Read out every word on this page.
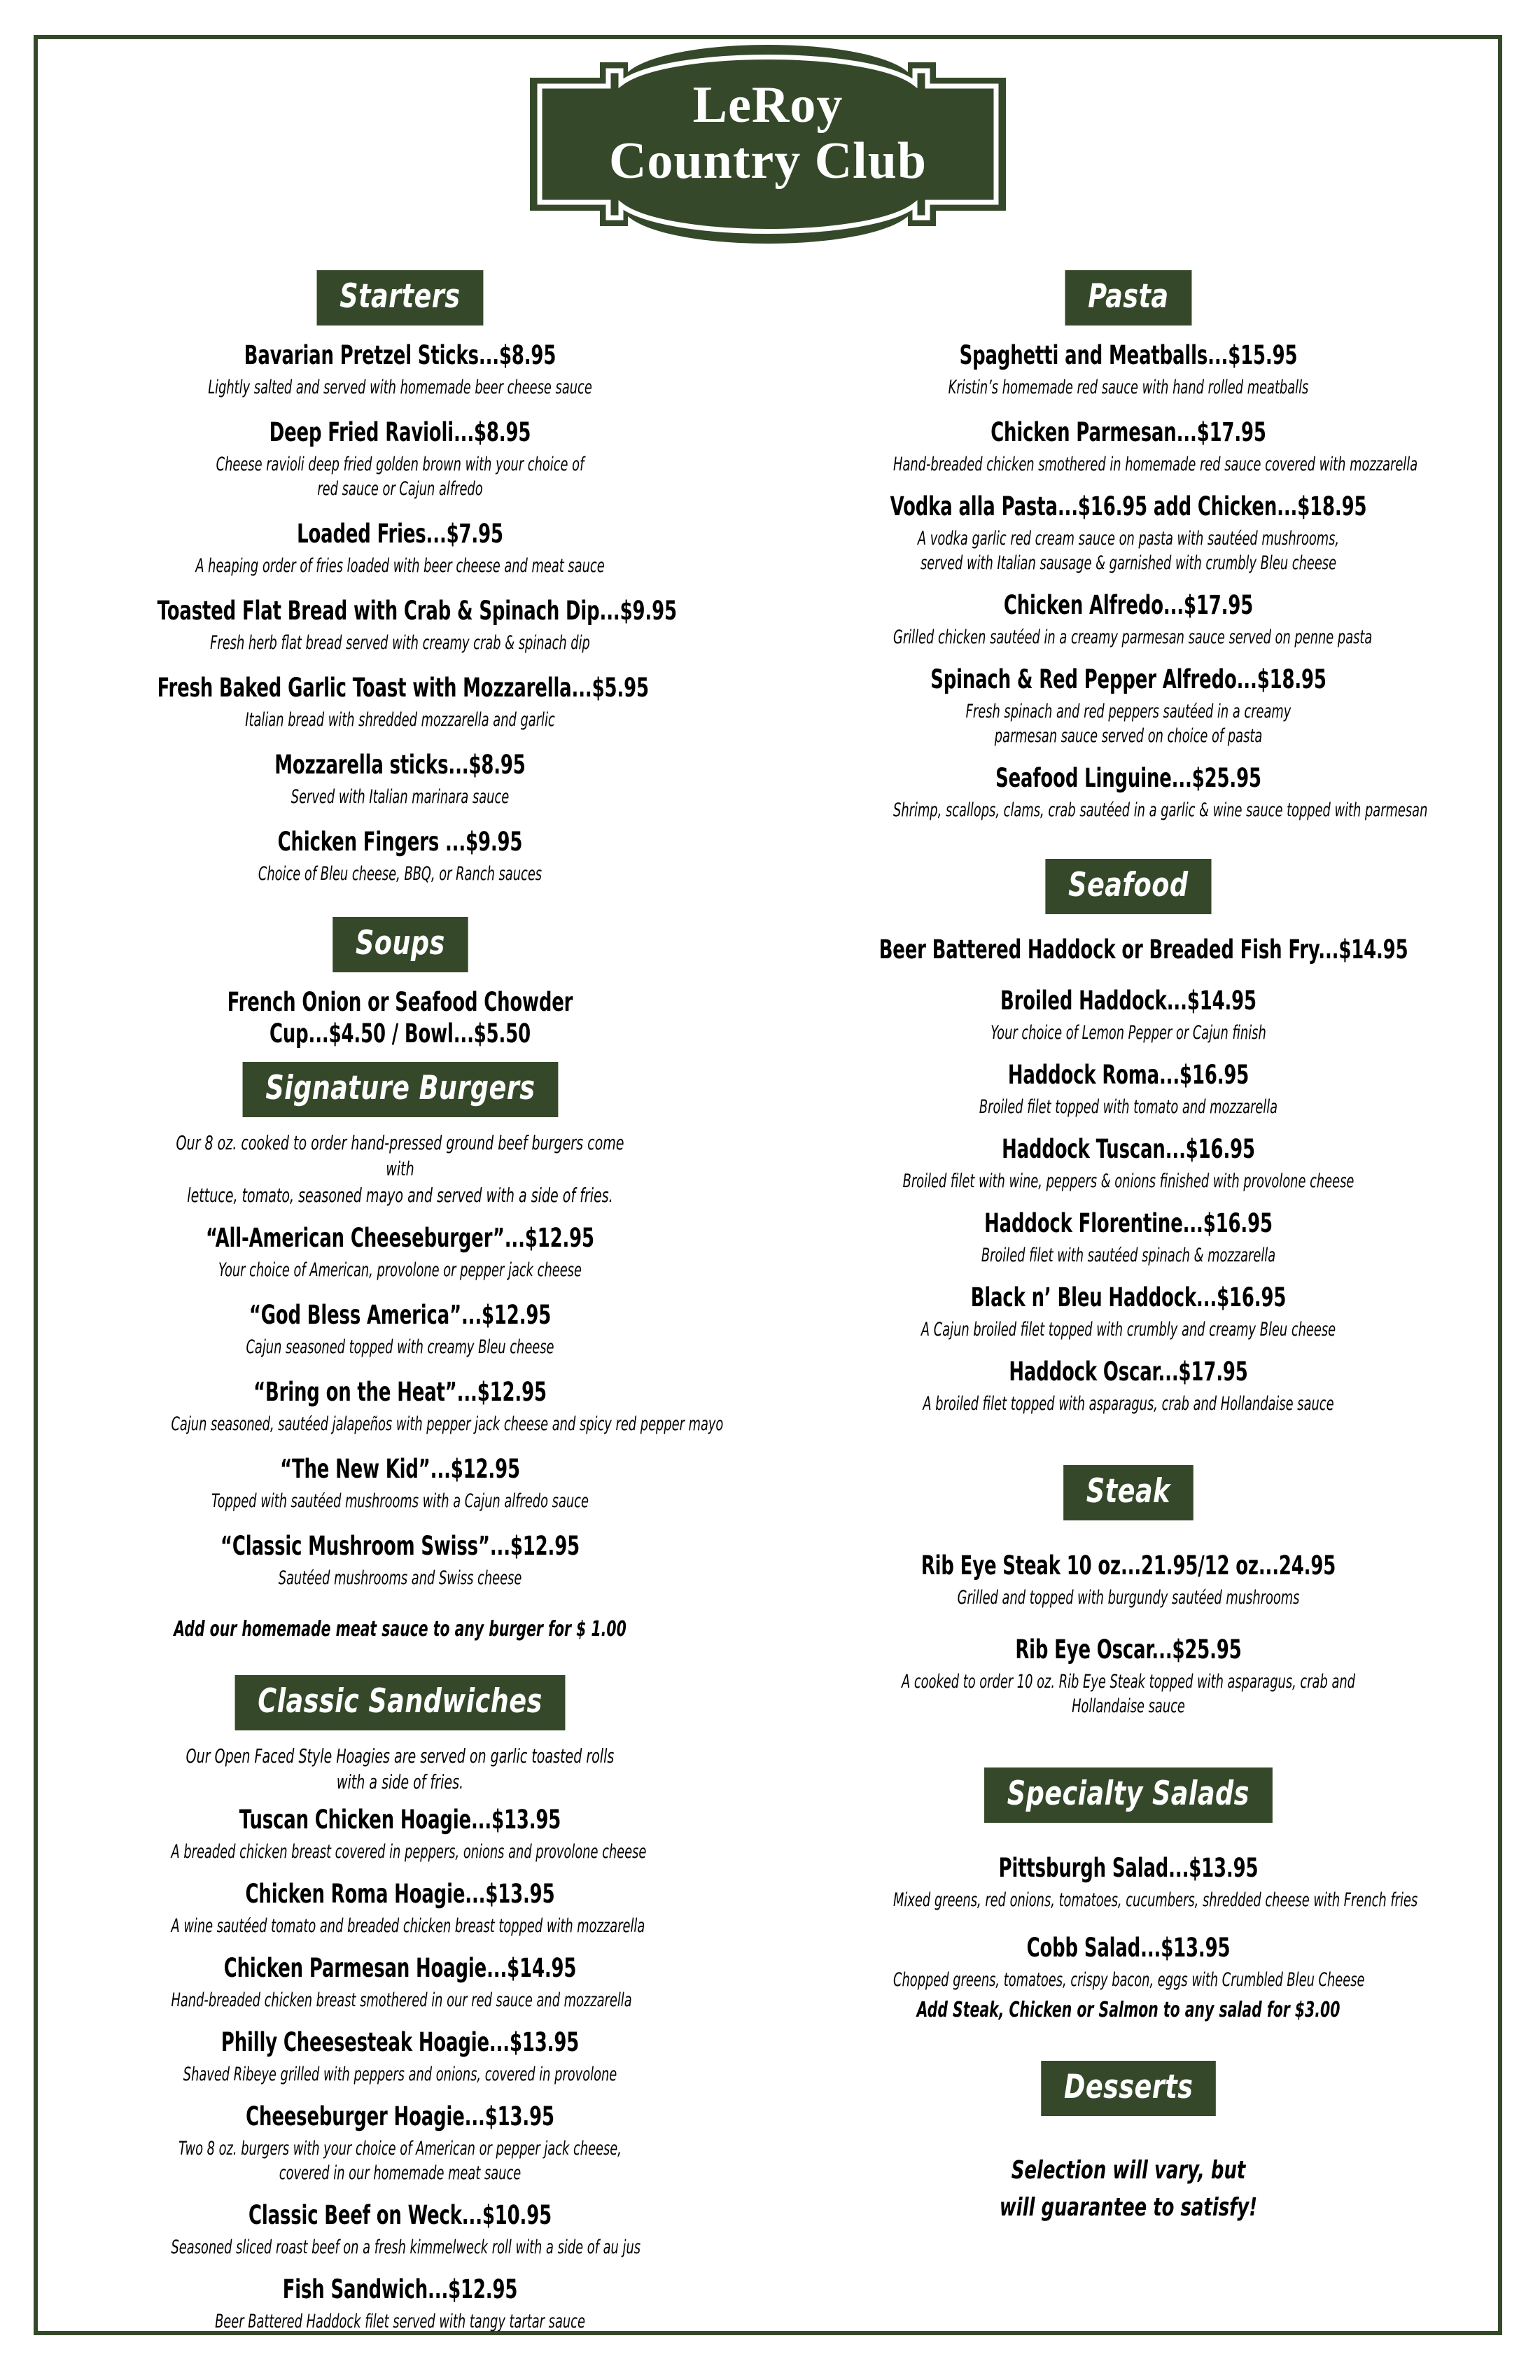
LeRoy
Country Club
Starters
Bavarian Pretzel Sticks...$8.95
Lightly salted and served with homemade beer cheese sauce
Deep Fried Ravioli...$8.95
Cheese ravioli deep fried golden brown with your choice of
red sauce or Cajun alfredo
Loaded Fries...$7.95
A heaping order of fries loaded with beer cheese and meat sauce
Toasted Flat Bread with Crab & Spinach Dip...$9.95
Fresh herb flat bread served with creamy crab & spinach dip
Fresh Baked Garlic Toast with Mozzarella...$5.95
Italian bread with shredded mozzarella and garlic
Mozzarella sticks...$8.95
Served with Italian marinara sauce
Chicken Fingers ...$9.95
Choice of Bleu cheese, BBQ, or Ranch sauces
Soups
French Onion or Seafood Chowder
Cup...$4.50 / Bowl...$5.50
Signature Burgers
Our 8 oz. cooked to order hand-pressed ground beef burgers come with
lettuce, tomato, seasoned mayo and served with a side of fries.
“All-American Cheeseburger”...$12.95
Your choice of American, provolone or pepper jack cheese
“God Bless America”...$12.95
Cajun seasoned topped with creamy Bleu cheese
“Bring on the Heat”...$12.95
Cajun seasoned, sautéed jalapeños with pepper jack cheese and spicy red pepper mayo
“The New Kid”...$12.95
Topped with sautéed mushrooms with a Cajun alfredo sauce
“Classic Mushroom Swiss”...$12.95
Sautéed mushrooms and Swiss cheese
Add our homemade meat sauce to any burger for $ 1.00
Classic Sandwiches
Our Open Faced Style Hoagies are served on garlic toasted rolls
with a side of fries.
Tuscan Chicken Hoagie...$13.95
A breaded chicken breast covered in peppers, onions and provolone cheese
Chicken Roma Hoagie...$13.95
A wine sautéed tomato and breaded chicken breast topped with mozzarella
Chicken Parmesan Hoagie...$14.95
Hand-breaded chicken breast smothered in our red sauce and mozzarella
Philly Cheesesteak Hoagie...$13.95
Shaved Ribeye grilled with peppers and onions, covered in provolone
Cheeseburger Hoagie...$13.95
Two 8 oz. burgers with your choice of American or pepper jack cheese,
covered in our homemade meat sauce
Classic Beef on Weck...$10.95
Seasoned sliced roast beef on a fresh kimmelweck roll with a side of au jus
Fish Sandwich...$12.95
Beer Battered Haddock filet served with tangy tartar sauce
Pasta
Spaghetti and Meatballs...$15.95
Kristin’s homemade red sauce with hand rolled meatballs
Chicken Parmesan...$17.95
Hand-breaded chicken smothered in homemade red sauce covered with mozzarella
Vodka alla Pasta...$16.95 add Chicken...$18.95
A vodka garlic red cream sauce on pasta with sautéed mushrooms,
served with Italian sausage & garnished with crumbly Bleu cheese
Chicken Alfredo...$17.95
Grilled chicken sautéed in a creamy parmesan sauce served on penne pasta
Spinach & Red Pepper Alfredo...$18.95
Fresh spinach and red peppers sautéed in a creamy
parmesan sauce served on choice of pasta
Seafood Linguine...$25.95
Shrimp, scallops, clams, crab sautéed in a garlic & wine sauce topped with parmesan
Seafood
Beer Battered Haddock or Breaded Fish Fry...$14.95
Broiled Haddock...$14.95
Your choice of Lemon Pepper or Cajun finish
Haddock Roma...$16.95
Broiled filet topped with tomato and mozzarella
Haddock Tuscan...$16.95
Broiled filet with wine, peppers & onions finished with provolone cheese
Haddock Florentine...$16.95
Broiled filet with sautéed spinach & mozzarella
Black n’ Bleu Haddock...$16.95
A Cajun broiled filet topped with crumbly and creamy Bleu cheese
Haddock Oscar...$17.95
A broiled filet topped with asparagus, crab and Hollandaise sauce
Steak
Rib Eye Steak 10 oz...21.95/12 oz...24.95
Grilled and topped with burgundy sautéed mushrooms
Rib Eye Oscar...$25.95
A cooked to order 10 oz. Rib Eye Steak topped with asparagus, crab and
Hollandaise sauce
Specialty Salads
Pittsburgh Salad...$13.95
Mixed greens, red onions, tomatoes, cucumbers, shredded cheese with French fries
Cobb Salad...$13.95
Chopped greens, tomatoes, crispy bacon, eggs with Crumbled Bleu Cheese
Add Steak, Chicken or Salmon to any salad for $3.00
Desserts
Selection will vary, but
will guarantee to satisfy!
